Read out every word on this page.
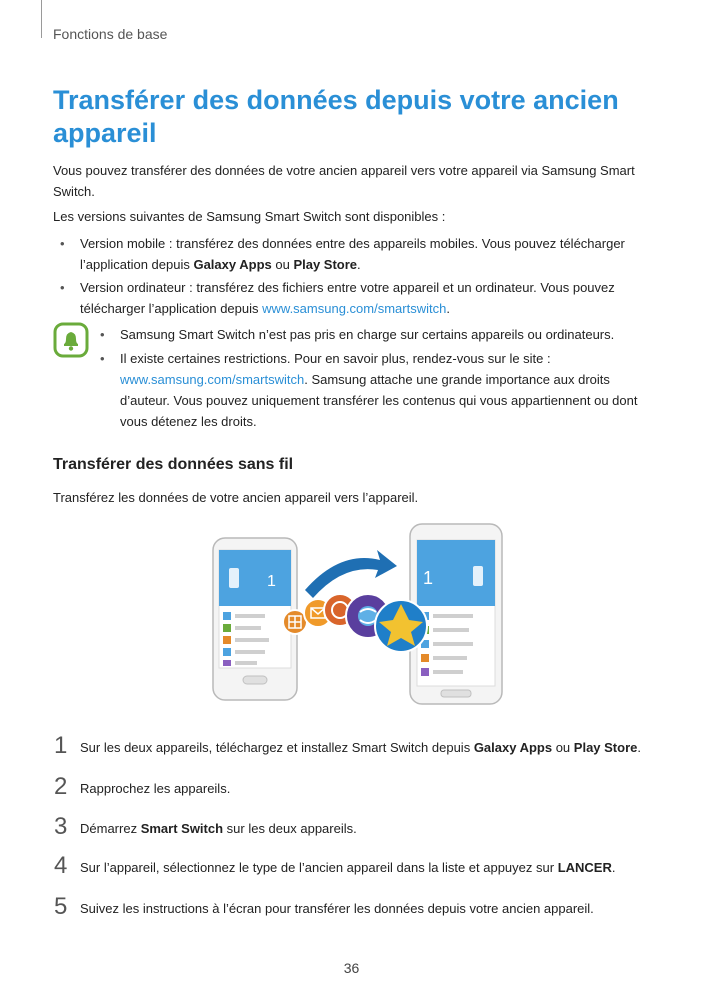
Fonctions de base
Transférer des données depuis votre ancien appareil

Vous pouvez transférer des données de votre ancien appareil vers votre appareil via Samsung Smart Switch.

Les versions suivantes de Samsung Smart Switch sont disponibles :

• Version mobile : transférez des données entre des appareils mobiles. Vous pouvez télécharger l’application depuis Galaxy Apps ou Play Store.
• Version ordinateur : transférez des fichiers entre votre appareil et un ordinateur. Vous pouvez télécharger l’application depuis www.samsung.com/smartswitch.
• Samsung Smart Switch n’est pas pris en charge sur certains appareils ou ordinateurs.
• Il existe certaines restrictions. Pour en savoir plus, rendez-vous sur le site : www.samsung.com/smartswitch. Samsung attache une grande importance aux droits d’auteur. Vous pouvez uniquement transférer les contenus qui vous appartiennent ou dont vous détenez les droits.
Transférer des données sans fil

Transférez les données de votre ancien appareil vers l’appareil.

1	1
1 Sur les deux appareils, téléchargez et installez Smart Switch depuis Galaxy Apps ou Play Store.
2 Rapprochez les appareils.
3 Démarrez Smart Switch sur les deux appareils.
4 Sur l’appareil, sélectionnez le type de l’ancien appareil dans la liste et appuyez sur LANCER.
5 Suivez les instructions à l’écran pour transférer les données depuis votre ancien appareil.
36
